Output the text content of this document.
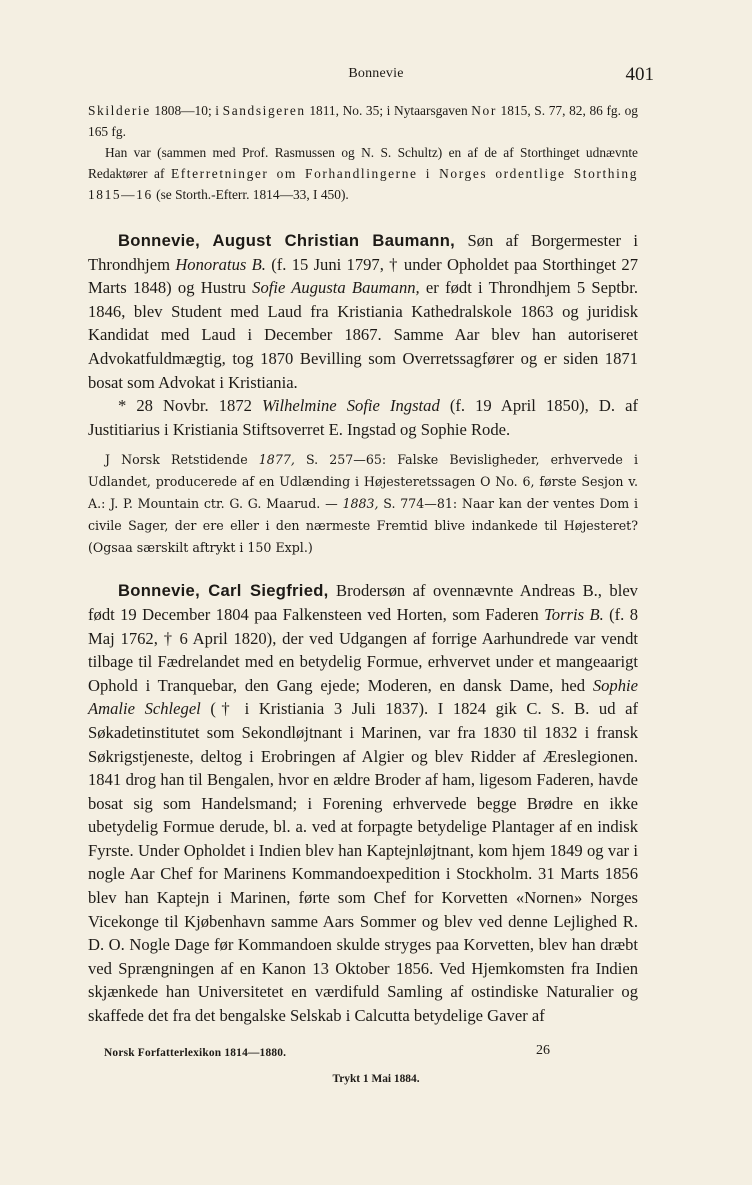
Bonnevie	401

Skilderie 1808—10; i Sandsigeren 1811, No. 35; i Nytaarsgaven Nor 1815, S. 77, 82, 86 fg. og 165 fg.

Han var (sammen med Prof. Rasmussen og N. S. Schultz) en af de af Storthinget udnævnte Redaktører af Efterretninger om Forhandlingerne i Norges ordentlige Storthing 1815—16 (se Storth.-Efterr. 1814—33, I 450).

Bonnevie, August Christian Baumann, Søn af Borgermester i Throndhjem Honoratus B. (f. 15 Juni 1797, † under Opholdet paa Storthinget 27 Marts 1848) og Hustru Sofie Augusta Baumann, er født i Throndhjem 5 Septbr. 1846, blev Student med Laud fra Kristiania Kathedralskole 1863 og juridisk Kandidat med Laud i December 1867. Samme Aar blev han autoriseret Advokatfuldmægtig, tog 1870 Bevilling som Overretssagfører og er siden 1871 bosat som Advokat i Kristiania.

* 28 Novbr. 1872 Wilhelmine Sofie Ingstad (f. 19 April 1850), D. af Justitiarius i Kristiania Stiftsoverret E. Ingstad og Sophie Rode.

J Norsk Retstidende 1877, S. 257—65: Falske Bevisligheder, erhvervede i Udlandet, producerede af en Udlænding i Højesteretssagen O No. 6, første Sesjon v. A.: J. P. Mountain ctr. G. G. Maarud. — 1883, S. 774—81: Naar kan der ventes Dom i civile Sager, der ere eller i den nærmeste Fremtid blive indankede til Højesteret? (Ogsaa særskilt aftrykt i 150 Expl.)

Bonnevie, Carl Siegfried, Brodersøn af ovennævnte Andreas B., blev født 19 December 1804 paa Falkensteen ved Horten, som Faderen Torris B. (f. 8 Maj 1762, † 6 April 1820), der ved Udgangen af forrige Aarhundrede var vendt tilbage til Fædrelandet med en betydelig Formue, erhvervet under et mangeaarigt Ophold i Tranquebar, den Gang ejede; Moderen, en dansk Dame, hed Sophie Amalie Schlegel († i Kristiania 3 Juli 1837). I 1824 gik C. S. B. ud af Søkadetinstitutet som Sekondløjtnant i Marinen, var fra 1830 til 1832 i fransk Søkrigstjeneste, deltog i Erobringen af Algier og blev Ridder af Æreslegionen. 1841 drog han til Bengalen, hvor en ældre Broder af ham, ligesom Faderen, havde bosat sig som Handelsmand; i Forening erhvervede begge Brødre en ikke ubetydelig Formue derude, bl. a. ved at forpagte betydelige Plantager af en indisk Fyrste. Under Opholdet i Indien blev han Kaptejnløjtnant, kom hjem 1849 og var i nogle Aar Chef for Marinens Kommandoexpedition i Stockholm. 31 Marts 1856 blev han Kaptejn i Marinen, førte som Chef for Korvetten «Nornen» Norges Vicekonge til Kjøbenhavn samme Aars Sommer og blev ved denne Lejlighed R. D. O. Nogle Dage før Kommandoen skulde stryges paa Korvetten, blev han dræbt ved Sprængningen af en Kanon 13 Oktober 1856. Ved Hjemkomsten fra Indien skjænkede han Universitetet en værdifuld Samling af ostindiske Naturalier og skaffede det fra det bengalske Selskab i Calcutta betydelige Gaver af

Norsk Forfatterlexikon 1814—1880.	26
Trykt 1 Mai 1884.
